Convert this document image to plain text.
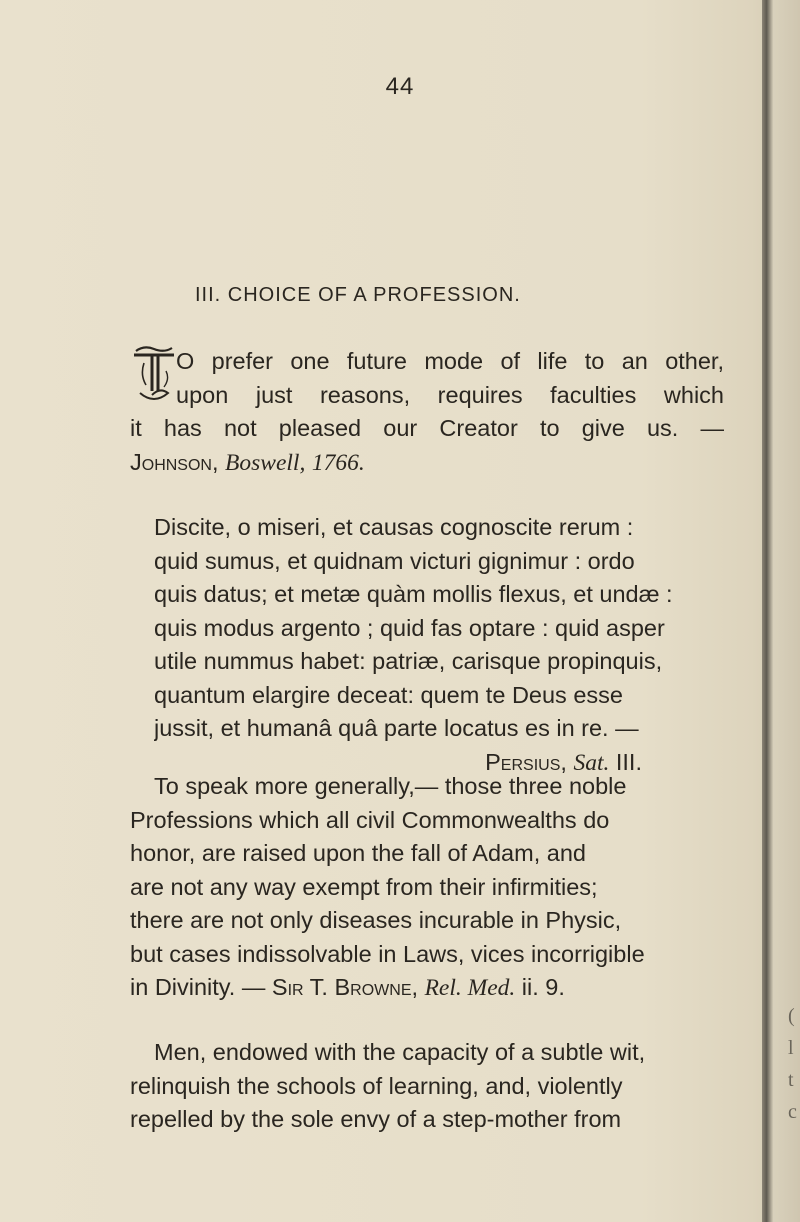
(
l
t
c
44
III. CHOICE OF A PROFESSION.
O prefer one future mode of life to an other,
upon just reasons, requires faculties which
it has not pleased our Creator to give us. —
Johnson, Boswell, 1766.
Discite, o miseri, et causas cognoscite rerum :
quid sumus, et quidnam victuri gignimur : ordo
quis datus; et metæ quàm mollis flexus, et undæ :
quis modus argento ; quid fas optare : quid asper
utile nummus habet: patriæ, carisque propinquis,
quantum elargire deceat: quem te Deus esse
jussit, et humanâ quâ parte locatus es in re. —
Persius, Sat. III.
To speak more generally,— those three noble
Professions which all civil Commonwealths do
honor, are raised upon the fall of Adam, and
are not any way exempt from their infirmities;
there are not only diseases incurable in Physic,
but cases indissolvable in Laws, vices incorrigible
in Divinity. — Sir T. Browne, Rel. Med. ii. 9.
Men, endowed with the capacity of a subtle wit,
relinquish the schools of learning, and, violently
repelled by the sole envy of a step-mother from
